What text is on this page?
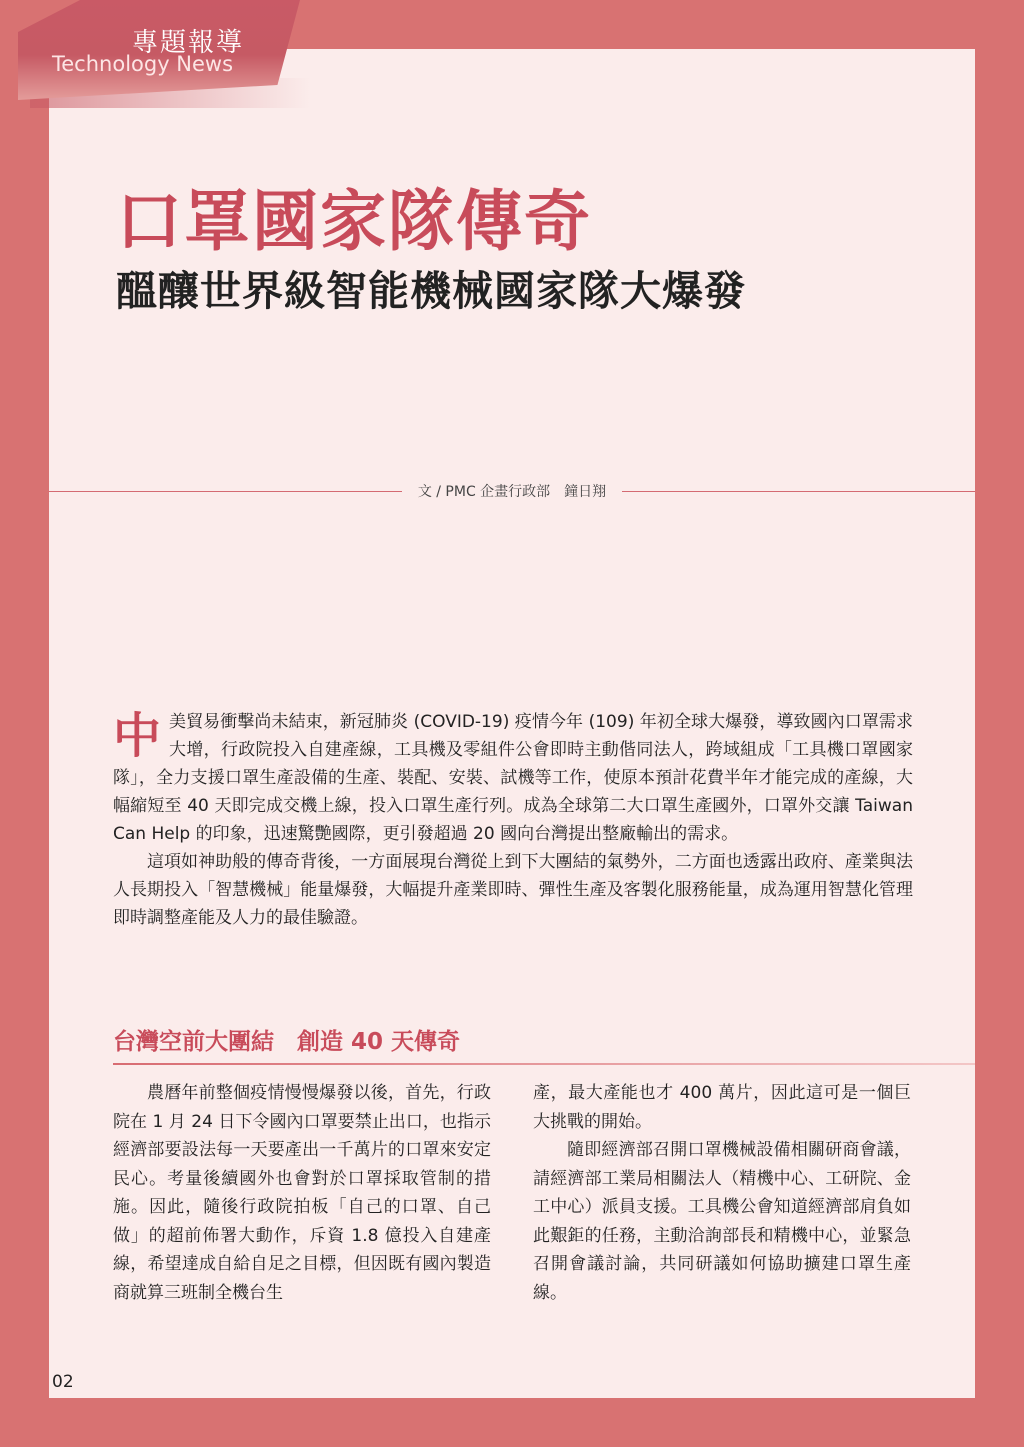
專題報導
Technology News
口罩國家隊傳奇
醞釀世界級智能機械國家隊大爆發
文 / PMC 企畫行政部　鐘日翔
中 美貿易衝擊尚未結束，新冠肺炎 (COVID-19) 疫情今年 (109) 年初全球大爆發，導致國內口罩需求大增，行政院投入自建產線，工具機及零組件公會即時主動偕同法人，跨域組成「工具機口罩國家隊」，全力支援口罩生產設備的生產、裝配、安裝、試機等工作，使原本預計花費半年才能完成的產線，大幅縮短至 40 天即完成交機上線，投入口罩生產行列。成為全球第二大口罩生產國外，口罩外交讓 Taiwan Can Help 的印象，迅速驚艷國際，更引發超過 20 國向台灣提出整廠輸出的需求。

這項如神助般的傳奇背後，一方面展現台灣從上到下大團結的氣勢外，二方面也透露出政府、產業與法人長期投入「智慧機械」能量爆發，大幅提升產業即時、彈性生產及客製化服務能量，成為運用智慧化管理即時調整產能及人力的最佳驗證。

台灣空前大團結　創造 40 天傳奇

農曆年前整個疫情慢慢爆發以後，首先，行政院在 1 月 24 日下令國內口罩要禁止出口，也指示經濟部要設法每一天要產出一千萬片的口罩來安定民心。考量後續國外也會對於口罩採取管制的措施。因此，隨後行政院拍板「自己的口罩、自己做」的超前佈署大動作，斥資 1.8 億投入自建產線，希望達成自給自足之目標，但因既有國內製造商就算三班制全機台生

產，最大產能也才 400 萬片，因此這可是一個巨大挑戰的開始。

隨即經濟部召開口罩機械設備相關研商會議，請經濟部工業局相關法人（精機中心、工研院、金工中心）派員支援。工具機公會知道經濟部肩負如此艱鉅的任務，主動洽詢部長和精機中心，並緊急召開會議討論，共同研議如何協助擴建口罩生產線。

02
